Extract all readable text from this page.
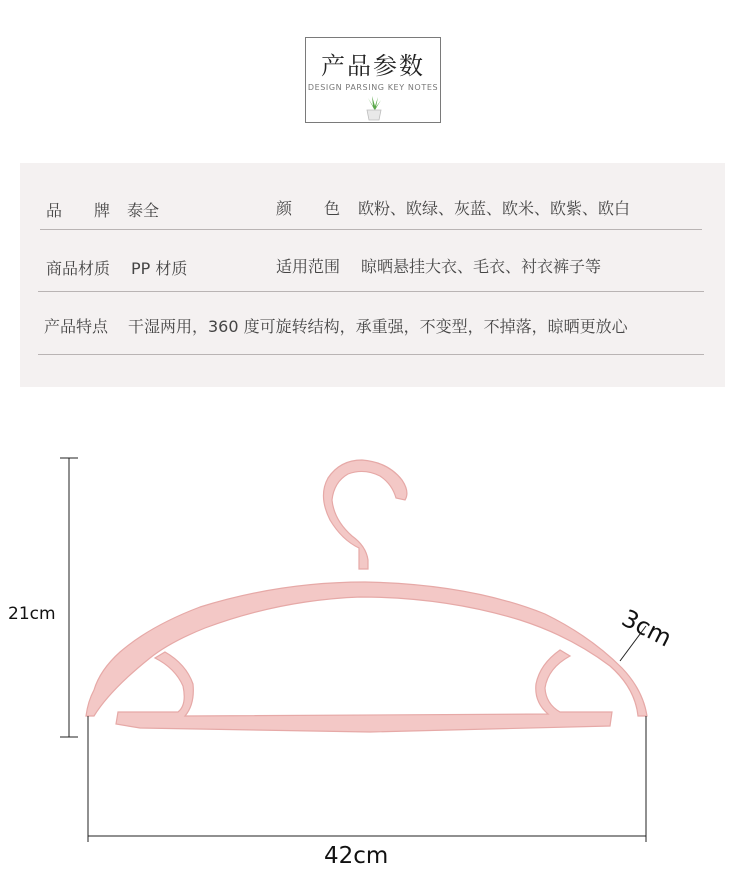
产品参数
DESIGN PARSING KEY NOTES
品　　牌 泰全	颜　　色 欧粉、欧绿、灰蓝、欧米、欧紫、欧白
商品材质 PP 材质	适用范围 晾晒悬挂大衣、毛衣、衬衣裤子等
产品特点 干湿两用，360 度可旋转结构，承重强，不变型，不掉落，晾晒更放心
21cm
42cm
3cm
